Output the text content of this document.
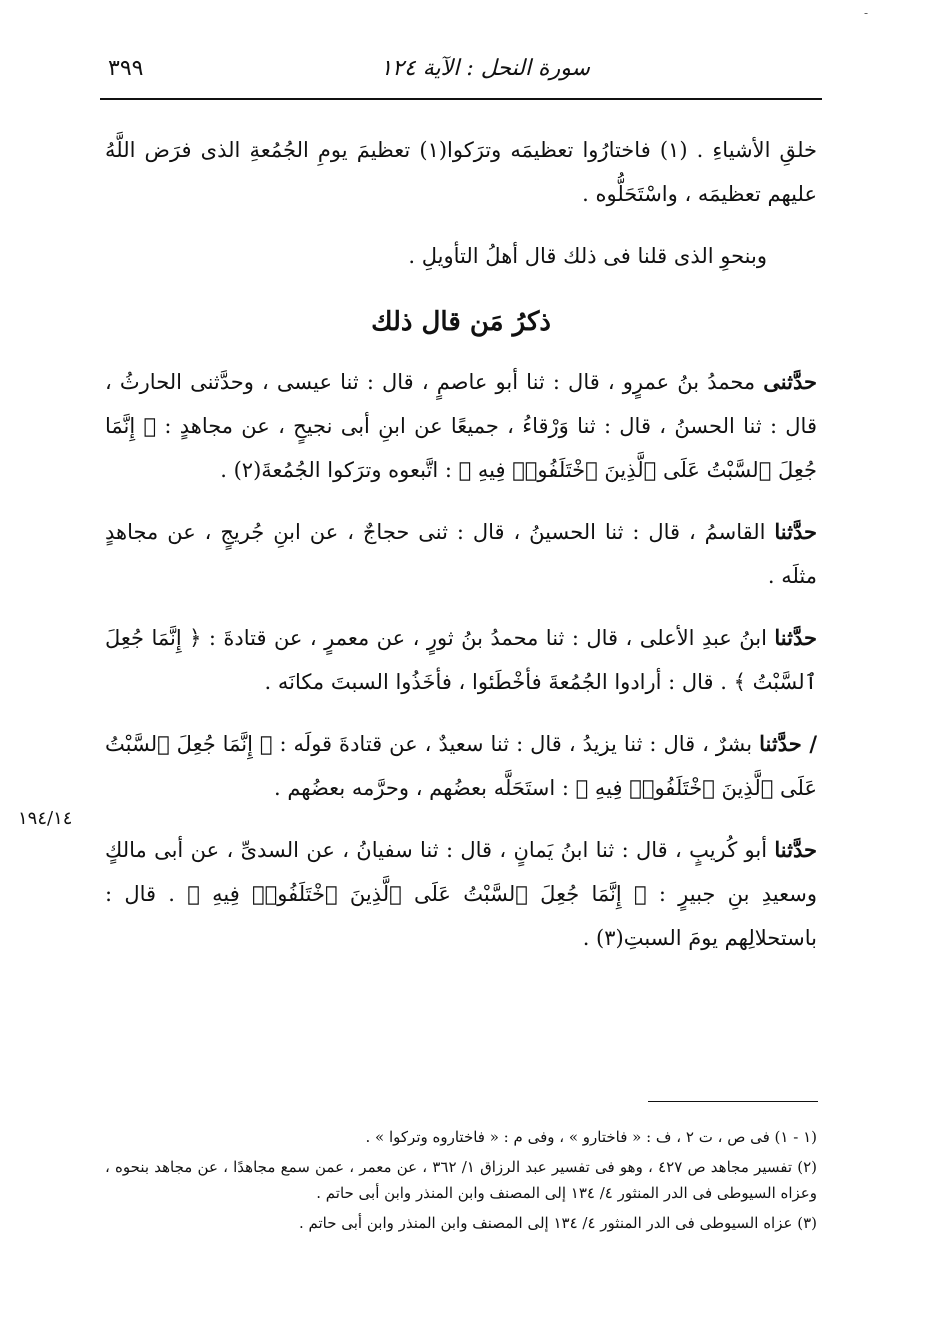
-
سورة النحل : الآية ١٢٤
٣٩٩
١٩٤/١٤

خلقِ الأشياءِ . (١) فاختارُوا تعظيمَه وترَكوا(١) تعظيمَ يومِ الجُمُعةِ الذى فرَض اللَّهُ عليهم تعظيمَه ، واسْتَحَلُّوه .

وبنحوِ الذى قلنا فى ذلك قال أهلُ التأويلِ .

ذكرُ مَن قال ذلك

حدَّثنى محمدُ بنُ عمرٍو ، قال : ثنا أبو عاصمٍ ، قال : ثنا عيسى ، وحدَّثنى الحارثُ ، قال : ثنا الحسنُ ، قال : ثنا وَرْقاءُ ، جميعًا عن ابنِ أبى نجيحٍ ، عن مجاهدٍ : ﴿ إِنَّمَا جُعِلَ ٱلسَّبْتُ عَلَى ٱلَّذِينَ ٱخْتَلَفُوا۟ فِيهِ ﴾ : اتَّبعوه وترَكوا الجُمُعةَ(٢) .

حدَّثنا القاسمُ ، قال : ثنا الحسينُ ، قال : ثنى حجاجٌ ، عن ابنِ جُريجٍ ، عن مجاهدٍ مثلَه .

حدَّثنا ابنُ عبدِ الأعلى ، قال : ثنا محمدُ بنُ ثورٍ ، عن معمرٍ ، عن قتادةَ : ﴿ إِنَّمَا جُعِلَ ٱلسَّبْتُ ﴾ . قال : أرادوا الجُمُعةَ فأخْطَئوا ، فأخَذُوا السبتَ مكانَه .

/ حدَّثنا بشرٌ ، قال : ثنا يزيدُ ، قال : ثنا سعيدٌ ، عن قتادةَ قولَه : ﴿ إِنَّمَا جُعِلَ ٱلسَّبْتُ عَلَى ٱلَّذِينَ ٱخْتَلَفُوا۟ فِيهِ ﴾ : استَحَلَّه بعضُهم ، وحرَّمه بعضُهم .

حدَّثنا أبو كُريبٍ ، قال : ثنا ابنُ يَمانٍ ، قال : ثنا سفيانُ ، عن السدىِّ ، عن أبى مالكٍ وسعيدِ بنِ جبيرٍ : ﴿ إِنَّمَا جُعِلَ ٱلسَّبْتُ عَلَى ٱلَّذِينَ ٱخْتَلَفُوا۟ فِيهِ ﴾ . قال : باستحلالِهم يومَ السبتِ(٣) .

(١ - ١) فى ص ، ت ٢ ، ف : « فاختارو » ، وفى م : « فاختاروه وتركوا » .

(٢) تفسير مجاهد ص ٤٢٧ ، وهو فى تفسير عبد الرزاق ١/ ٣٦٢ ، عن معمر ، عمن سمع مجاهدًا ، عن مجاهد بنحوه ، وعزاه السيوطى فى الدر المنثور ٤/ ١٣٤ إلى المصنف وابن المنذر وابن أبى حاتم .

(٣) عزاه السيوطى فى الدر المنثور ٤/ ١٣٤ إلى المصنف وابن المنذر وابن أبى حاتم .
